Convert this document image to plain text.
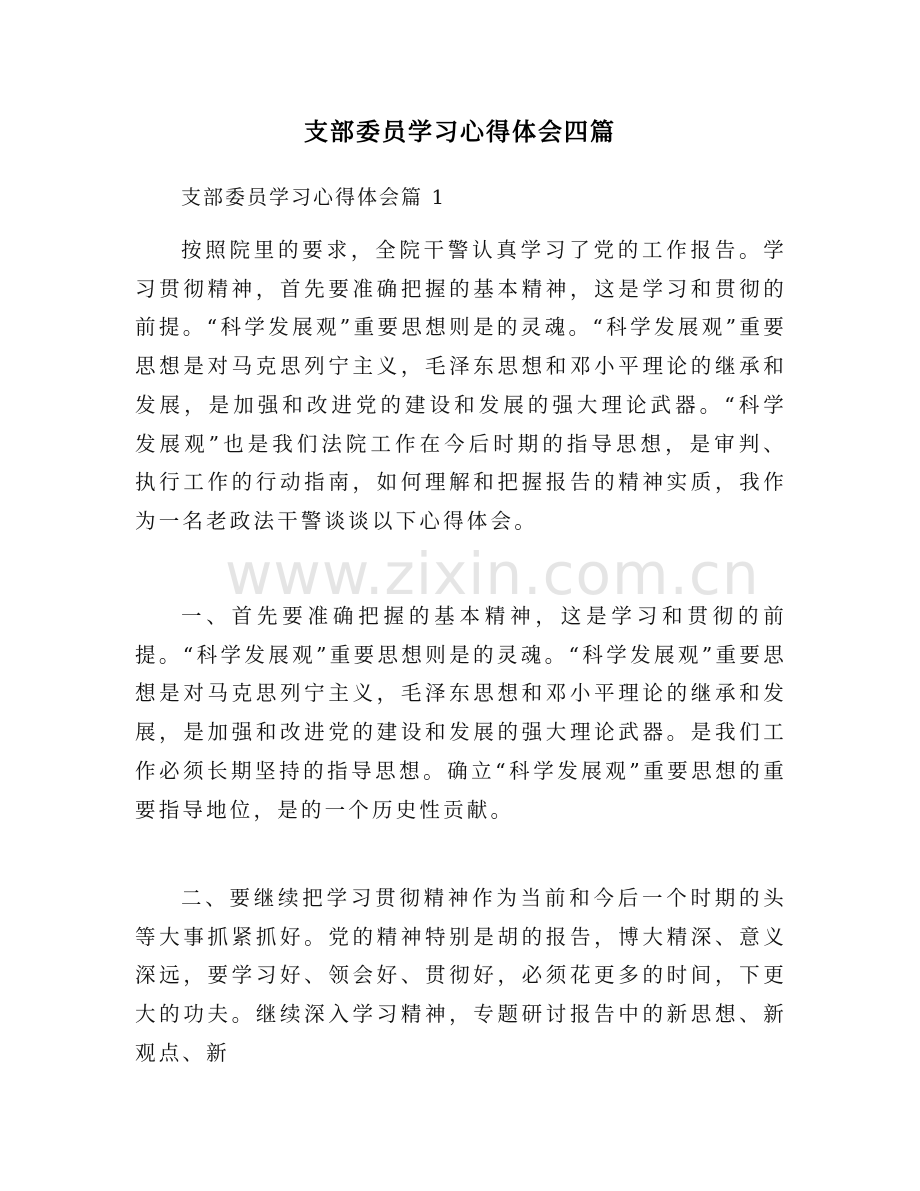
支部委员学习心得体会四篇

支部委员学习心得体会篇 1

按照院里的要求，全院干警认真学习了党的工作报告。学习贯彻精神，首先要准确把握的基本精神，这是学习和贯彻的前提。“科学发展观”重要思想则是的灵魂。“科学发展观”重要思想是对马克思列宁主义，毛泽东思想和邓小平理论的继承和发展，是加强和改进党的建设和发展的强大理论武器。“科学发展观”也是我们法院工作在今后时期的指导思想，是审判、执行工作的行动指南，如何理解和把握报告的精神实质，我作为一名老政法干警谈谈以下心得体会。

一、首先要准确把握的基本精神，这是学习和贯彻的前提。“科学发展观”重要思想则是的灵魂。“科学发展观”重要思想是对马克思列宁主义，毛泽东思想和邓小平理论的继承和发展，是加强和改进党的建设和发展的强大理论武器。是我们工作必须长期坚持的指导思想。确立“科学发展观”重要思想的重要指导地位，是的一个历史性贡献。

二、要继续把学习贯彻精神作为当前和今后一个时期的头等大事抓紧抓好。党的精神特别是胡的报告，博大精深、意义深远，要学习好、领会好、贯彻好，必须花更多的时间，下更大的功夫。继续深入学习精神，专题研讨报告中的新思想、新观点、新

www.zixin.com.cn
